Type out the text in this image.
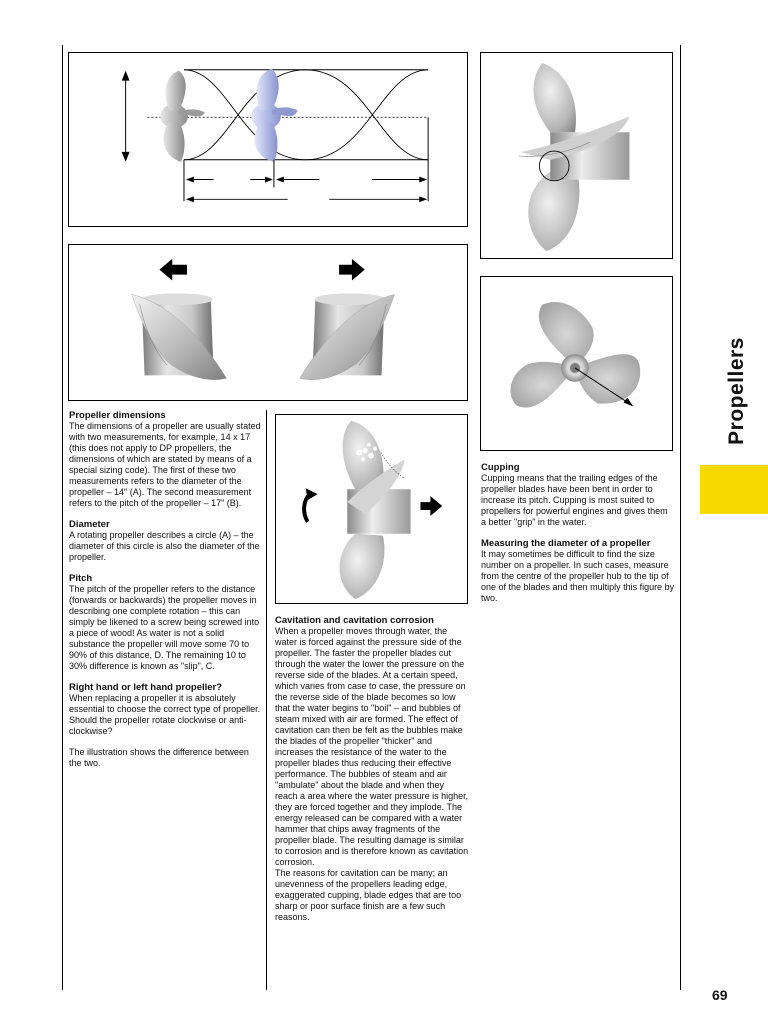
Propeller dimensions

The dimensions of a propeller are usually stated with two measurements, for example, 14 x 17 (this does not apply to DP propellers, the dimensions of which are stated by means of a special sizing code). The first of these two measurements refers to the diameter of the propeller – 14" (A). The second measurement refers to the pitch of the propeller – 17" (B).

Diameter

A rotating propeller describes a circle (A) – the diameter of this circle is also the diameter of the propeller.

Pitch

The pitch of the propeller refers to the distance (forwards or backwards) the propeller moves in describing one complete rotation – this can simply be likened to a screw being screwed into a piece of wood! As water is not a solid substance the propeller will move some 70 to 90% of this distance, D. The remaining 10 to 30% difference is known as "slip", C.

Right hand or left hand propeller?

When replacing a propeller it is absolutely essential to choose the correct type of propeller. Should the propeller rotate clockwise or anti-clockwise?

The illustration shows the difference between the two.

Cavitation and cavitation corrosion

When a propeller moves through water, the water is forced against the pressure side of the propeller. The faster the propeller blades cut through the water the lower the pressure on the reverse side of the blades. At a certain speed, which varies from case to case, the pressure on the reverse side of the blade becomes so low that the water begins to "boil" – and bubbles of steam mixed with air are formed. The effect of cavitation can then be felt as the bubbles make the blades of the propeller "thicker" and increases the resistance of the water to the propeller blades thus reducing their effective performance. The bubbles of steam and air "ambulate" about the blade and when they reach a area where the water pressure is higher, they are forced together and they implode. The energy released can be compared with a water hammer that chips away fragments of the propeller blade. The resulting damage is similar to corrosion and is therefore known as cavitation corrosion.
The reasons for cavitation can be many; an unevenness of the propellers leading edge, exaggerated cupping, blade edges that are too sharp or poor surface finish are a few such reasons.

Cupping

Cupping means that the trailing edges of the propeller blades have been bent in order to increase its pitch. Cupping is most suited to propellers for powerful engines and gives them a better "grip" in the water.

Measuring the diameter of a propeller

It may sometimes be difficult to find the size number on a propeller. In such cases, measure from the centre of the propeller hub to the tip of one of the blades and then multiply this figure by two.

Propellers
69
